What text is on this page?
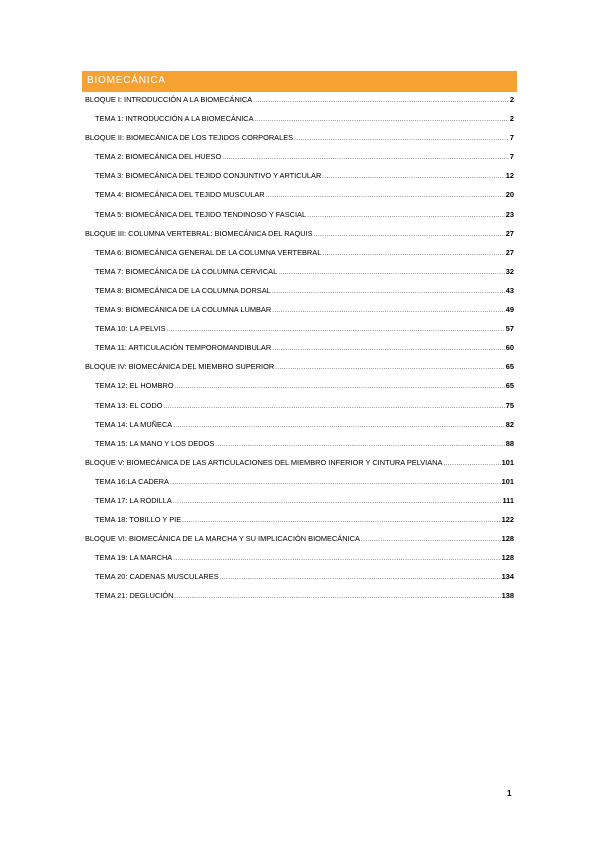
BIOMECÁNICA
BLOQUE I: INTRODUCCIÓN A LA BIOMECÁNICA .....	2
TEMA 1: INTRODUCCIÓN A LA BIOMECÁNICA .....	2
BLOQUE II: BIOMECÁNICA DE LOS TEJIDOS CORPORALES .....	7
TEMA 2: BIOMECÁNICA DEL HUESO .....	7
TEMA 3: BIOMECÁNICA DEL TEJIDO CONJUNTIVO Y ARTICULAR .....	12
TEMA 4: BIOMECÁNICA DEL TEJIDO MUSCULAR .....	20
TEMA 5: BIOMECÁNICA DEL TEJIDO TENDINOSO Y FASCIAL .....	23
BLOQUE III: COLUMNA VERTEBRAL: BIOMECÁNICA DEL RAQUIS .....	27
TEMA 6: BIOMECÁNICA GENERAL DE LA COLUMNA VERTEBRAL .....	27
TEMA 7: BIOMECÁNICA DE LA COLUMNA CERVICAL .....	32
TEMA 8: BIOMECÁNICA DE LA COLUMNA DORSAL .....	43
TEMA 9: BIOMECÁNICA DE LA COLUMNA LUMBAR .....	49
TEMA 10: LA PELVIS .....	57
TEMA 11: ARTICULACIÓN TEMPOROMANDIBULAR .....	60
BLOQUE IV: BIOMECÁNICA DEL MIEMBRO SUPERIOR .....	65
TEMA 12: EL HOMBRO .....	65
TEMA 13: EL CODO .....	75
TEMA 14: LA MUÑECA .....	82
TEMA 15: LA MANO Y LOS DEDOS .....	88
BLOQUE V: BIOMECÁNICA DE LAS ARTICULACIONES DEL MIEMBRO INFERIOR Y CINTURA PELVIANA .....	101
TEMA 16:LA CADERA .....	101
TEMA 17: LA RODILLA .....	111
TEMA 18: TOBILLO Y PIE .....	122
BLOQUE VI: BIOMECÁNICA DE LA MARCHA Y SU IMPLICACIÓN BIOMECÁNICA .....	128
TEMA 19: LA MARCHA .....	128
TEMA 20: CADENAS MUSCULARES .....	134
TEMA 21: DEGLUCIÓN .....	138
1
